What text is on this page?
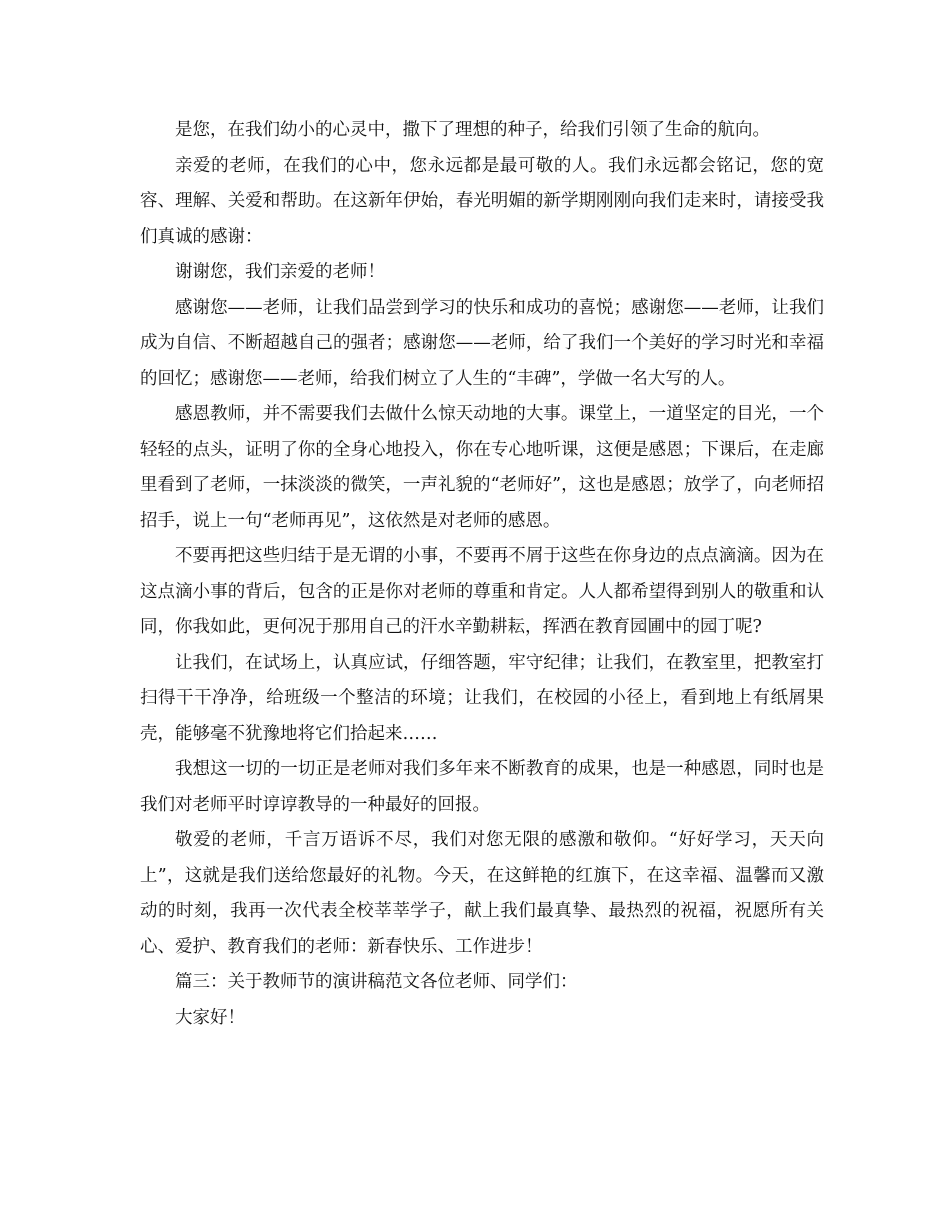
是您，在我们幼小的心灵中，撒下了理想的种子，给我们引领了生命的航向。

亲爱的老师，在我们的心中，您永远都是最可敬的人。我们永远都会铭记，您的宽容、理解、关爱和帮助。在这新年伊始，春光明媚的新学期刚刚向我们走来时，请接受我们真诚的感谢：

谢谢您，我们亲爱的老师！

感谢您——老师，让我们品尝到学习的快乐和成功的喜悦；感谢您——老师，让我们成为自信、不断超越自己的强者；感谢您——老师，给了我们一个美好的学习时光和幸福的回忆；感谢您——老师，给我们树立了人生的“丰碑”，学做一名大写的人。

感恩教师，并不需要我们去做什么惊天动地的大事。课堂上，一道坚定的目光，一个轻轻的点头，证明了你的全身心地投入，你在专心地听课，这便是感恩；下课后，在走廊里看到了老师，一抹淡淡的微笑，一声礼貌的“老师好”，这也是感恩；放学了，向老师招招手，说上一句“老师再见”，这依然是对老师的感恩。

不要再把这些归结于是无谓的小事，不要再不屑于这些在你身边的点点滴滴。因为在这点滴小事的背后，包含的正是你对老师的尊重和肯定。人人都希望得到别人的敬重和认同，你我如此，更何况于那用自己的汗水辛勤耕耘，挥洒在教育园圃中的园丁呢?

让我们，在试场上，认真应试，仔细答题，牢守纪律；让我们，在教室里，把教室打扫得干干净净，给班级一个整洁的环境；让我们，在校园的小径上，看到地上有纸屑果壳，能够毫不犹豫地将它们拾起来……

我想这一切的一切正是老师对我们多年来不断教育的成果，也是一种感恩，同时也是我们对老师平时谆谆教导的一种最好的回报。

敬爱的老师，千言万语诉不尽，我们对您无限的感激和敬仰。“好好学习，天天向上”，这就是我们送给您最好的礼物。今天，在这鲜艳的红旗下，在这幸福、温馨而又激动的时刻，我再一次代表全校莘莘学子，献上我们最真挚、最热烈的祝福，祝愿所有关心、爱护、教育我们的老师：新春快乐、工作进步！

篇三：关于教师节的演讲稿范文各位老师、同学们：

大家好！
